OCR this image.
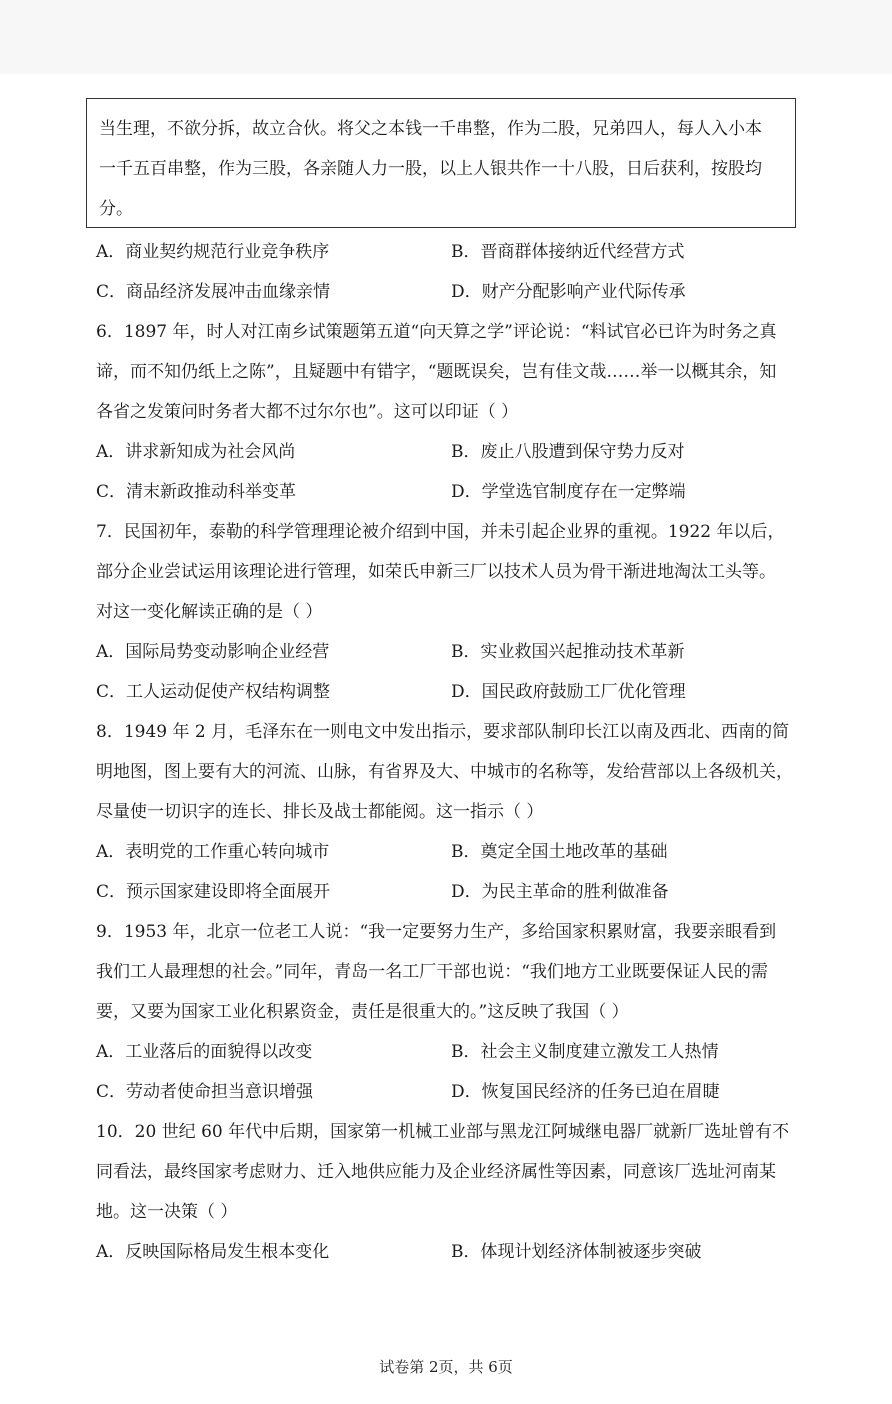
当生理，不欲分拆，故立合伙。将父之本钱一千串整，作为二股，兄弟四人，每人入小本
一千五百串整，作为三股，各亲随人力一股，以上人银共作一十八股，日后获利，按股均
分。
A．商业契约规范行业竞争秩序	B．晋商群体接纳近代经营方式
C．商品经济发展冲击血缘亲情	D．财产分配影响产业代际传承
6．1897 年，时人对江南乡试策题第五道“向天算之学”评论说：“料试官必已许为时务之真
谛，而不知仍纸上之陈”，且疑题中有错字，“题既误矣，岂有佳文哉……举一以概其余，知
各省之发策问时务者大都不过尔尔也”。这可以印证（ ）
A．讲求新知成为社会风尚	B．废止八股遭到保守势力反对
C．清末新政推动科举变革	D．学堂选官制度存在一定弊端
7．民国初年，泰勒的科学管理理论被介绍到中国，并未引起企业界的重视。1922 年以后，
部分企业尝试运用该理论进行管理，如荣氏申新三厂以技术人员为骨干渐进地淘汰工头等。
对这一变化解读正确的是（ ）
A．国际局势变动影响企业经营	B．实业救国兴起推动技术革新
C．工人运动促使产权结构调整	D．国民政府鼓励工厂优化管理
8．1949 年 2 月，毛泽东在一则电文中发出指示，要求部队制印长江以南及西北、西南的简
明地图，图上要有大的河流、山脉，有省界及大、中城市的名称等，发给营部以上各级机关，
尽量使一切识字的连长、排长及战士都能阅。这一指示（ ）
A．表明党的工作重心转向城市	B．奠定全国土地改革的基础
C．预示国家建设即将全面展开	D．为民主革命的胜利做准备
9．1953 年，北京一位老工人说：“我一定要努力生产，多给国家积累财富，我要亲眼看到
我们工人最理想的社会。”同年，青岛一名工厂干部也说：“我们地方工业既要保证人民的需
要，又要为国家工业化积累资金，责任是很重大的。”这反映了我国（ ）
A．工业落后的面貌得以改变	B．社会主义制度建立激发工人热情
C．劳动者使命担当意识增强	D．恢复国民经济的任务已迫在眉睫
10．20 世纪 60 年代中后期，国家第一机械工业部与黑龙江阿城继电器厂就新厂选址曾有不
同看法，最终国家考虑财力、迁入地供应能力及企业经济属性等因素，同意该厂选址河南某
地。这一决策（ ）
A．反映国际格局发生根本变化	B．体现计划经济体制被逐步突破
试卷第 2页，共 6页
